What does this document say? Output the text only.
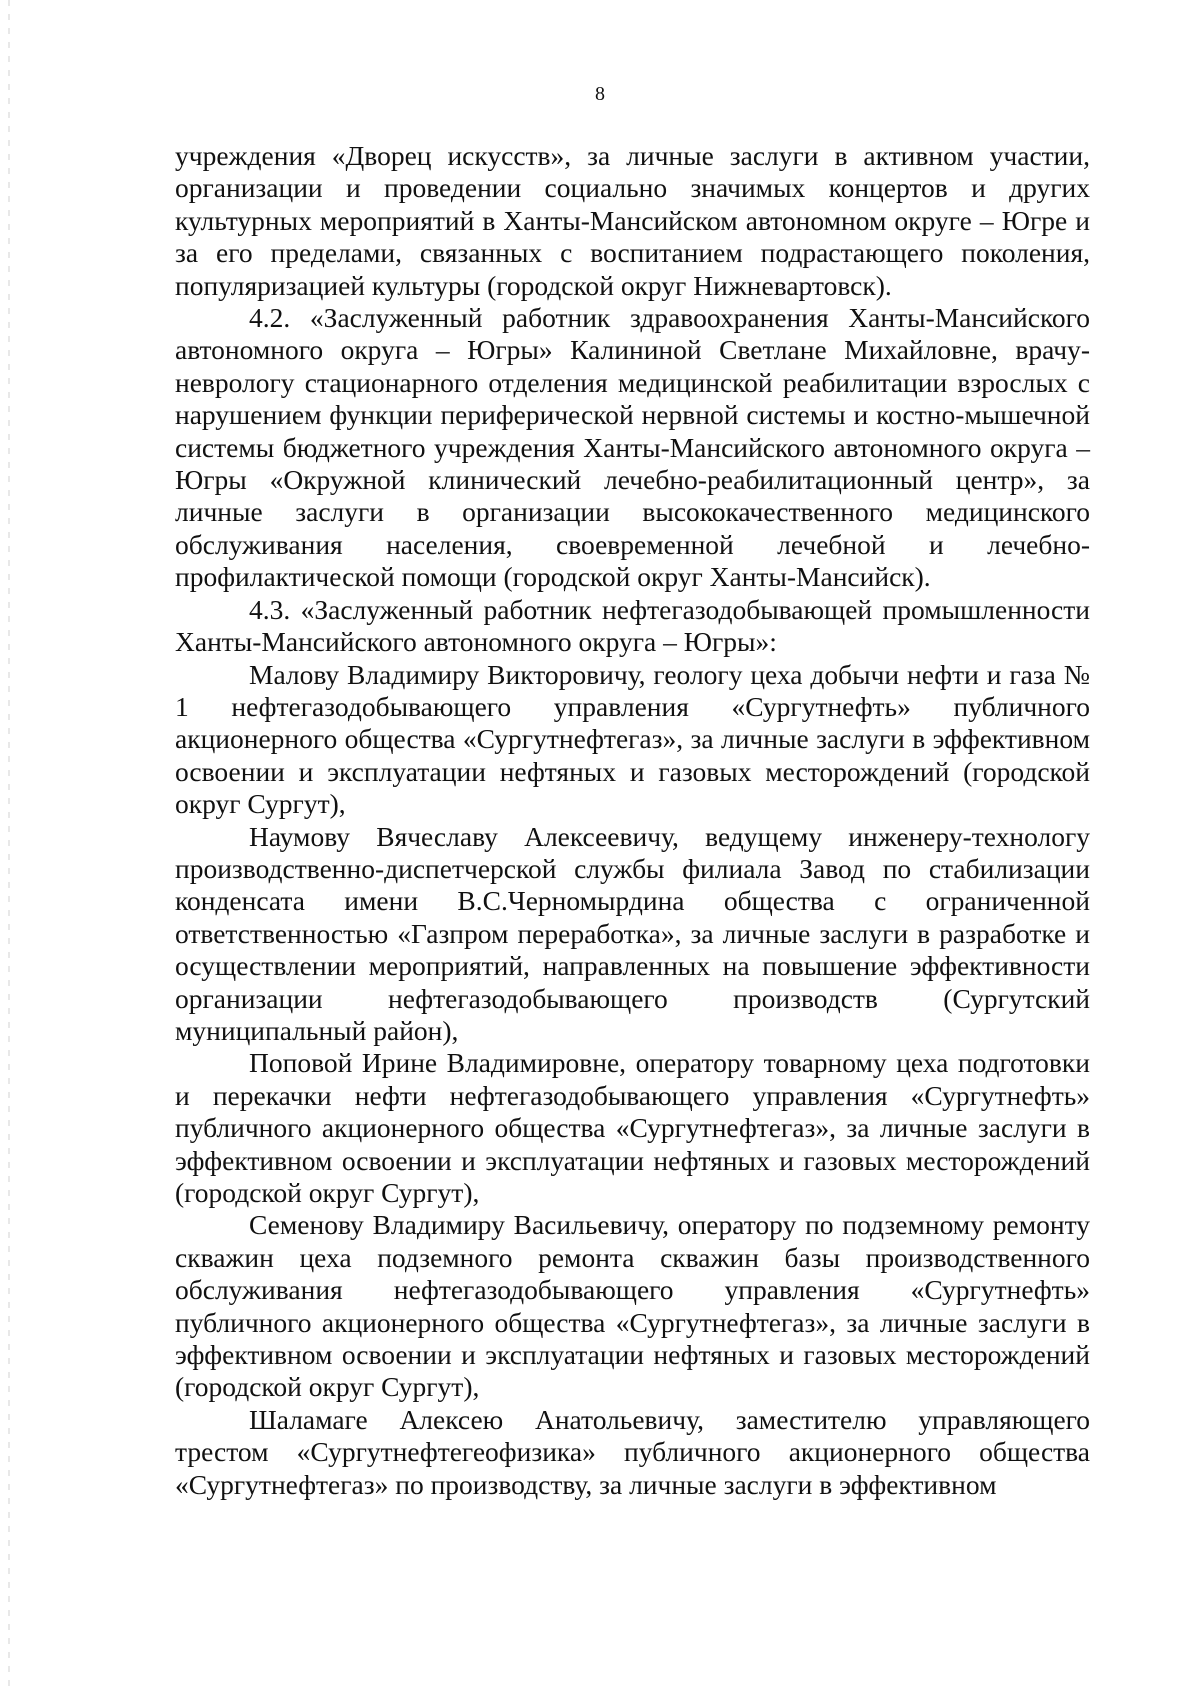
8

учреждения «Дворец искусств», за личные заслуги в активном участии, организации и проведении социально значимых концертов и других культурных мероприятий в Ханты-Мансийском автономном округе – Югре и за его пределами, связанных с воспитанием подрастающего поколения, популяризацией культуры (городской округ Нижневартовск).

4.2. «Заслуженный работник здравоохранения Ханты-Мансийского автономного округа – Югры» Калининой Светлане Михайловне, врачу-неврологу стационарного отделения медицинской реабилитации взрослых с нарушением функции периферической нервной системы и костно-мышечной системы бюджетного учреждения Ханты-Мансийского автономного округа – Югры «Окружной клинический лечебно-реабилитационный центр», за личные заслуги в организации высококачественного медицинского обслуживания населения, своевременной лечебной и лечебно-профилактической помощи (городской округ Ханты-Мансийск).

4.3. «Заслуженный работник нефтегазодобывающей промышленности Ханты-Мансийского автономного округа – Югры»:

Малову Владимиру Викторовичу, геологу цеха добычи нефти и газа № 1 нефтегазодобывающего управления «Сургутнефть» публичного акционерного общества «Сургутнефтегаз», за личные заслуги в эффективном освоении и эксплуатации нефтяных и газовых месторождений (городской округ Сургут),

Наумову Вячеславу Алексеевичу, ведущему инженеру-технологу производственно-диспетчерской службы филиала Завод по стабилизации конденсата имени В.С.Черномырдина общества с ограниченной ответственностью «Газпром переработка», за личные заслуги в разработке и осуществлении мероприятий, направленных на повышение эффективности организации нефтегазодобывающего производств (Сургутский муниципальный район),

Поповой Ирине Владимировне, оператору товарному цеха подготовки и перекачки нефти нефтегазодобывающего управления «Сургутнефть» публичного акционерного общества «Сургутнефтегаз», за личные заслуги в эффективном освоении и эксплуатации нефтяных и газовых месторождений (городской округ Сургут),

Семенову Владимиру Васильевичу, оператору по подземному ремонту скважин цеха подземного ремонта скважин базы производственного обслуживания нефтегазодобывающего управления «Сургутнефть» публичного акционерного общества «Сургутнефтегаз», за личные заслуги в эффективном освоении и эксплуатации нефтяных и газовых месторождений (городской округ Сургут),

Шаламаге Алексею Анатольевичу, заместителю управляющего трестом «Сургутнефтегеофизика» публичного акционерного общества «Сургутнефтегаз» по производству, за личные заслуги в эффективном
